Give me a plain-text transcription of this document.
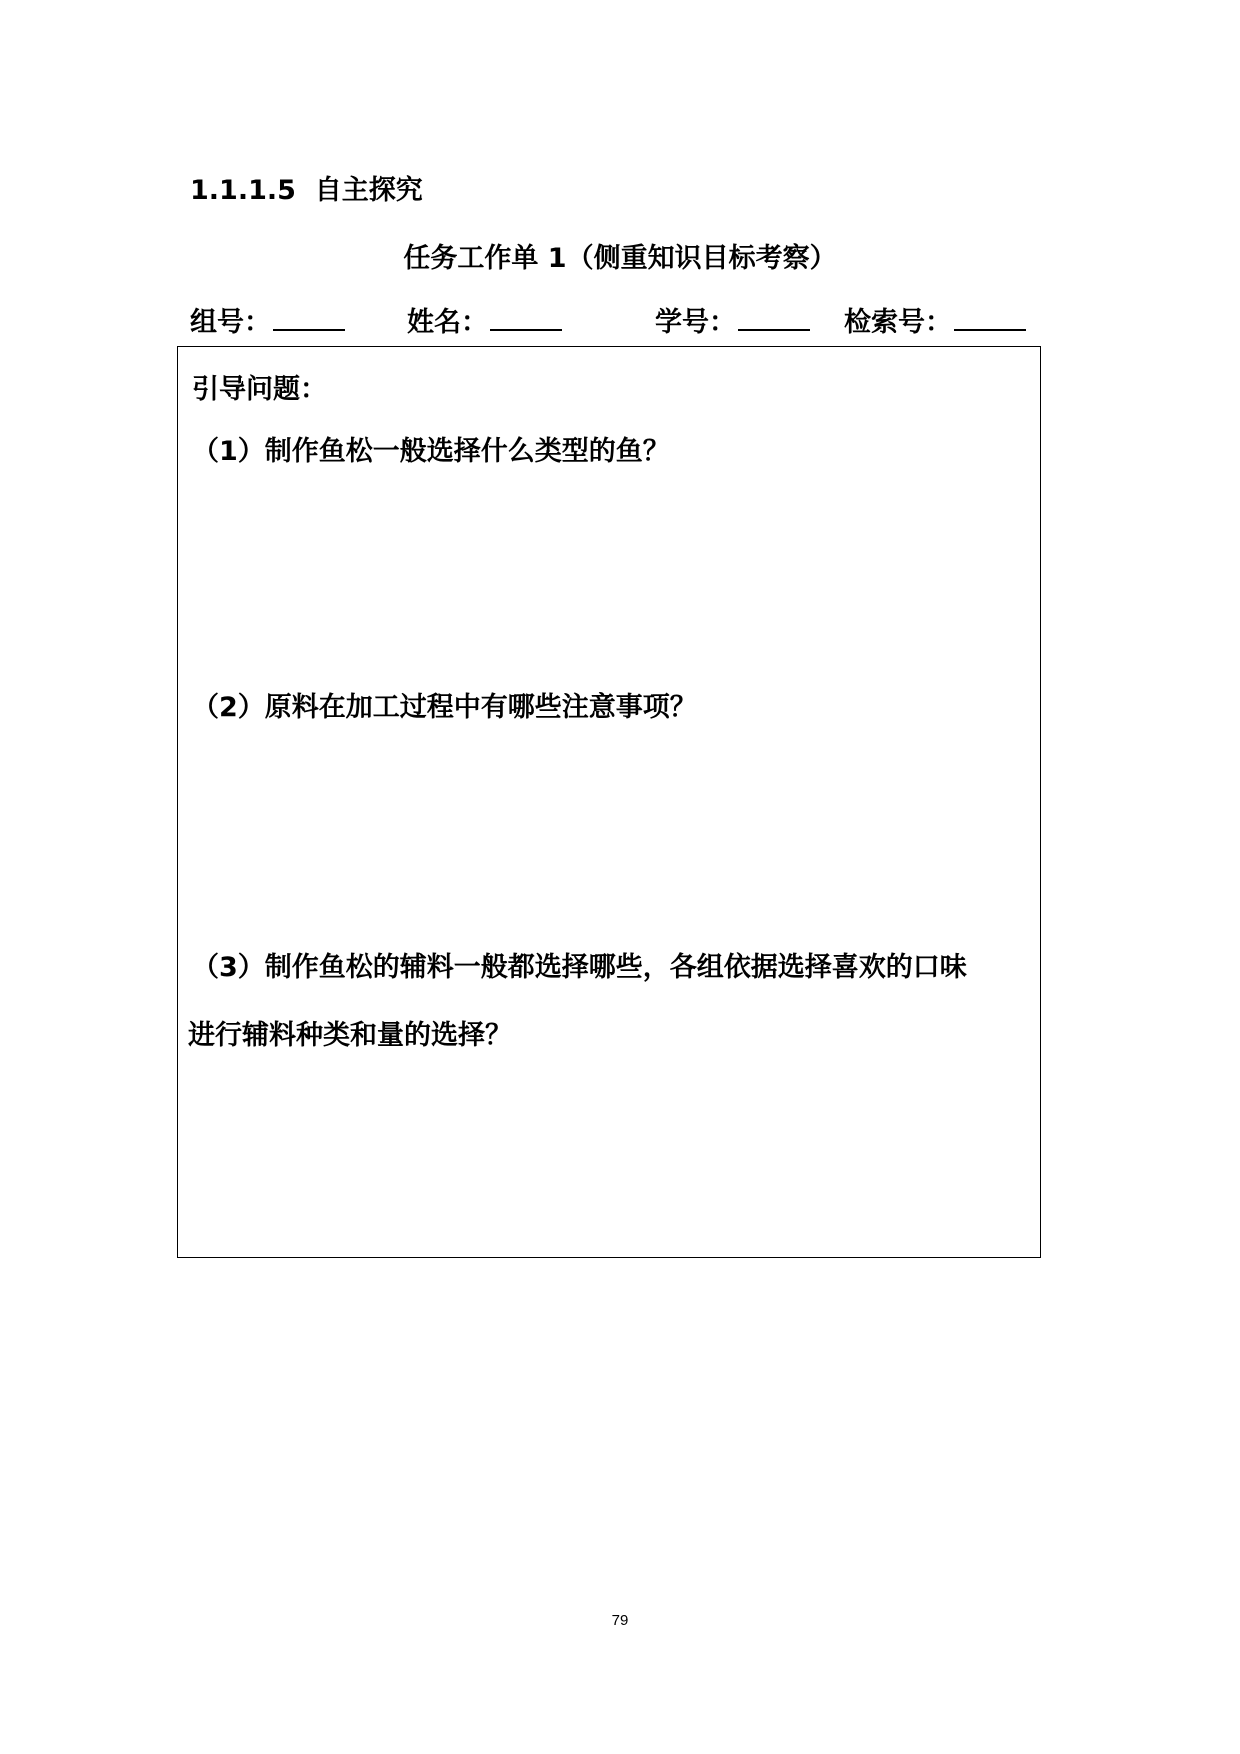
1.1.1.5 自主探究
任务工作单 1（侧重知识目标考察）
组号：	姓名：	学号：	检索号：
引导问题：
（1）制作鱼松一般选择什么类型的鱼？
（2）原料在加工过程中有哪些注意事项？
（3）制作鱼松的辅料一般都选择哪些，各组依据选择喜欢的口味
进行辅料种类和量的选择？
79
